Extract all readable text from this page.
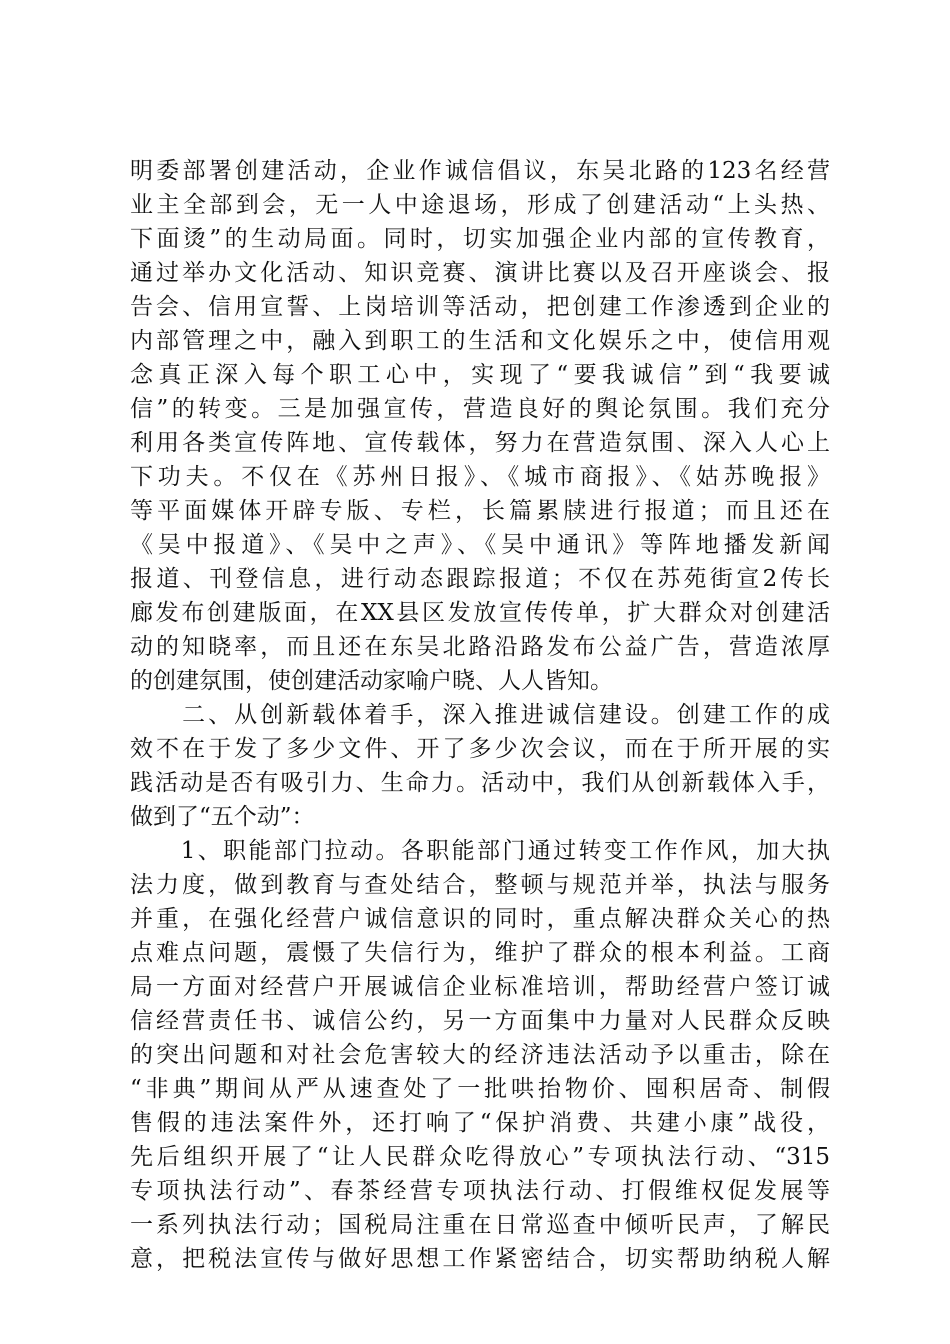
明委部署创建活动，企业作诚信倡议，东吴北路的123名经营
业主全部到会，无一人中途退场，形成了创建活动“上头热、
下面烫”的生动局面。同时，切实加强企业内部的宣传教育，
通过举办文化活动、知识竞赛、演讲比赛以及召开座谈会、报
告会、信用宣誓、上岗培训等活动，把创建工作渗透到企业的
内部管理之中，融入到职工的生活和文化娱乐之中，使信用观
念真正深入每个职工心中，实现了“要我诚信”到“我要诚
信”的转变。三是加强宣传，营造良好的舆论氛围。我们充分
利用各类宣传阵地、宣传载体，努力在营造氛围、深入人心上
下功夫。不仅在《苏州日报》、《城市商报》、《姑苏晚报》
等平面媒体开辟专版、专栏，长篇累牍进行报道；而且还在
《吴中报道》、《吴中之声》、《吴中通讯》等阵地播发新闻
报道、刊登信息，进行动态跟踪报道；不仅在苏苑街宣2传长
廊发布创建版面，在XX县区发放宣传传单，扩大群众对创建活
动的知晓率，而且还在东吴北路沿路发布公益广告，营造浓厚
的创建氛围，使创建活动家喻户晓、人人皆知。
　　二、从创新载体着手，深入推进诚信建设。创建工作的成
效不在于发了多少文件、开了多少次会议，而在于所开展的实
践活动是否有吸引力、生命力。活动中，我们从创新载体入手，
做到了“五个动”：
　　1、职能部门拉动。各职能部门通过转变工作作风，加大执
法力度，做到教育与查处结合，整顿与规范并举，执法与服务
并重，在强化经营户诚信意识的同时，重点解决群众关心的热
点难点问题，震慑了失信行为，维护了群众的根本利益。工商
局一方面对经营户开展诚信企业标准培训，帮助经营户签订诚
信经营责任书、诚信公约，另一方面集中力量对人民群众反映
的突出问题和对社会危害较大的经济违法活动予以重击，除在
“非典”期间从严从速查处了一批哄抬物价、囤积居奇、制假
售假的违法案件外，还打响了“保护消费、共建小康”战役，
先后组织开展了“让人民群众吃得放心”专项执法行动、“315
专项执法行动”、春茶经营专项执法行动、打假维权促发展等
一系列执法行动；国税局注重在日常巡查中倾听民声，了解民
意，把税法宣传与做好思想工作紧密结合，切实帮助纳税人解
